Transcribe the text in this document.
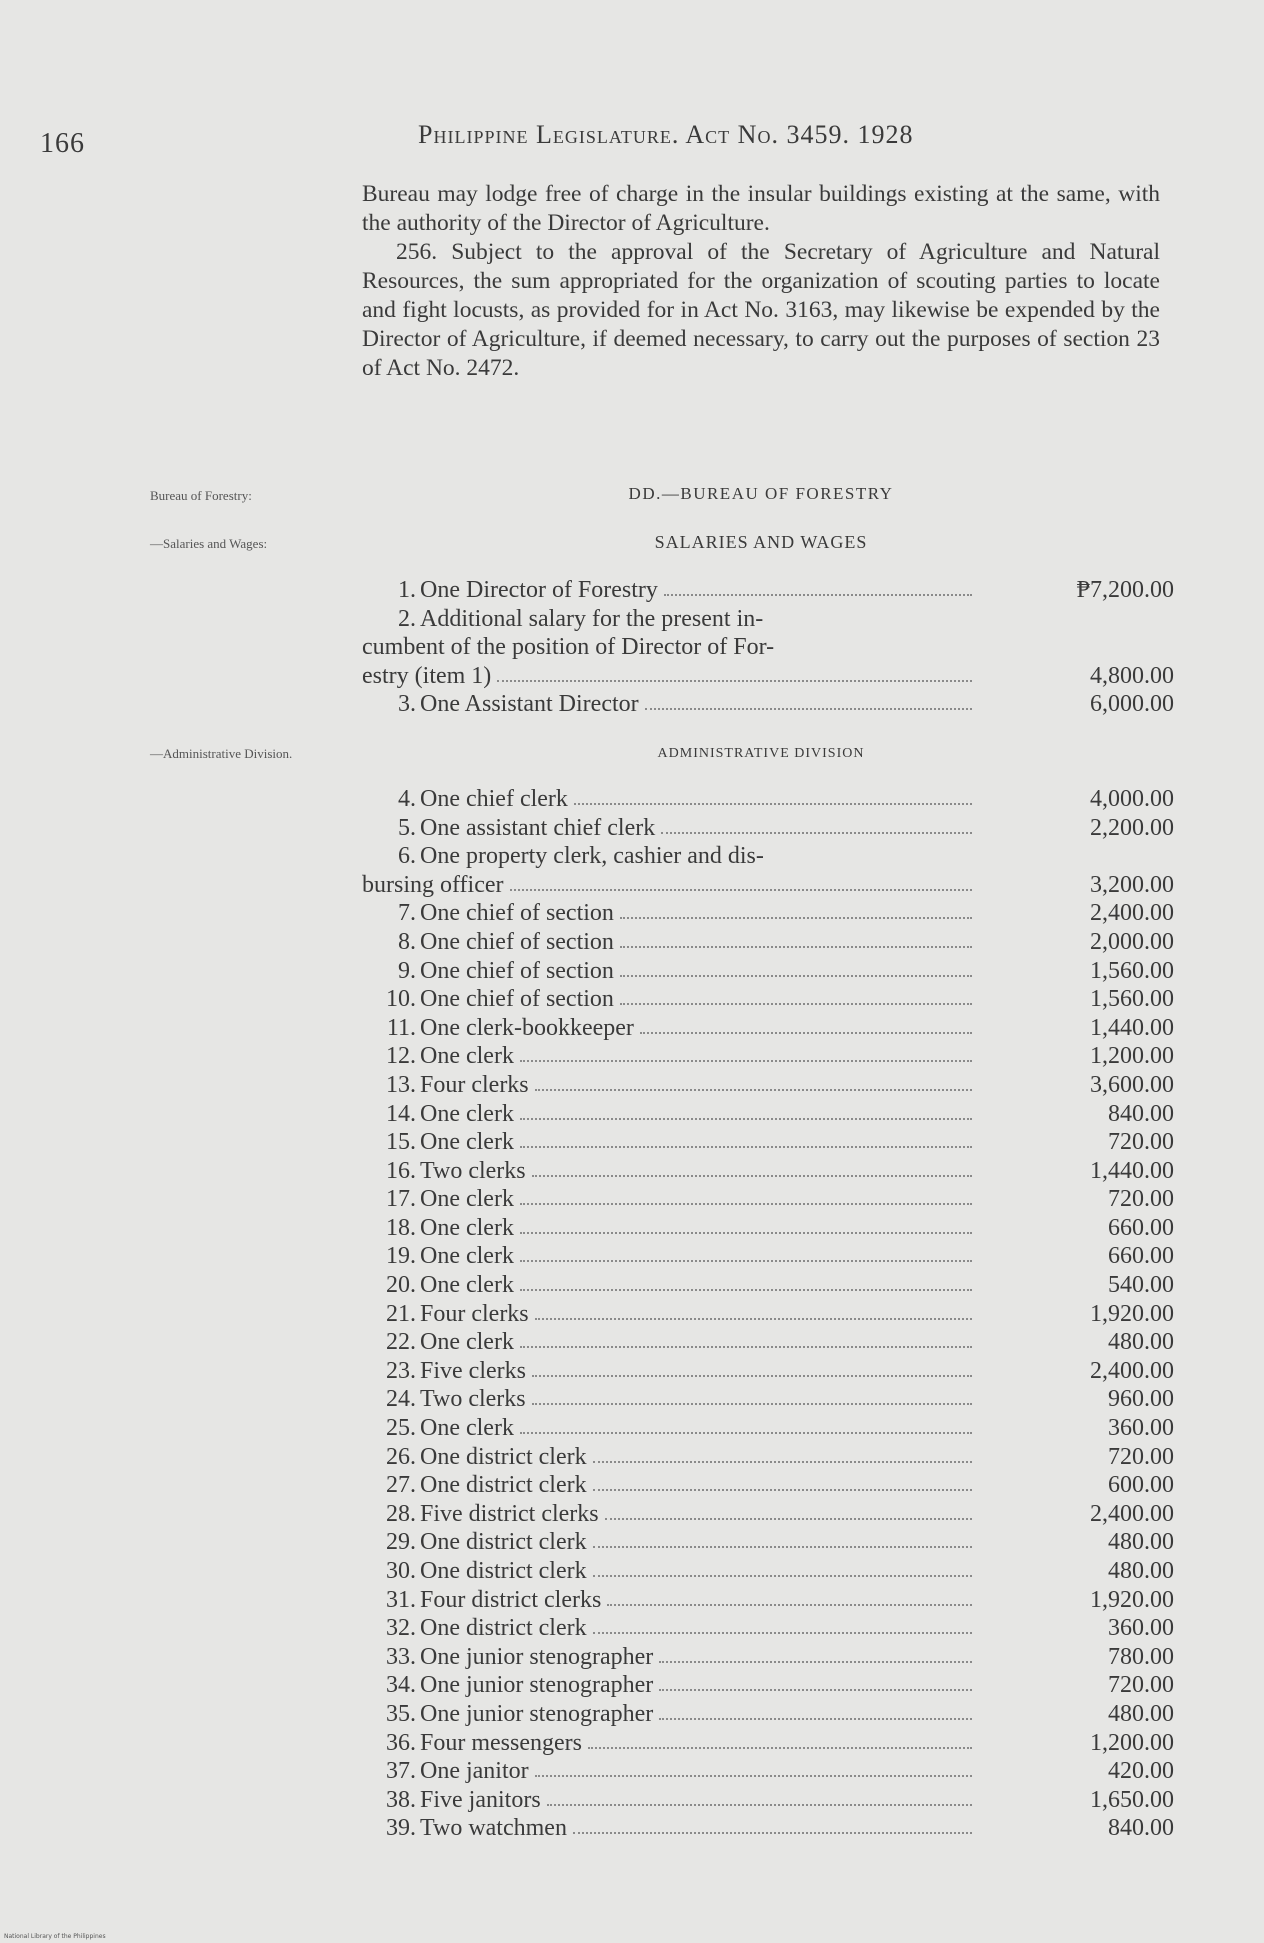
166	Philippine Legislature. Act No. 3459. 1928

Bureau may lodge free of charge in the insular buildings existing at the same, with the authority of the Director of Agriculture.

256. Subject to the approval of the Secretary of Agriculture and Natural Resources, the sum appropriated for the organization of scouting parties to locate and fight locusts, as provided for in Act No. 3163, may likewise be expended by the Director of Agriculture, if deemed necessary, to carry out the purposes of section 23 of Act No. 2472.

Bureau of Forestry:
—Salaries and Wages:
—Administrative Division.
DD.—BUREAU OF FORESTRY
SALARIES AND WAGES
ADMINISTRATIVE DIVISION
1. One Director of Forestry	₱7,200.00
2. Additional salary for the present in-
cumbent of the position of Director of For-
estry (item 1)	4,800.00
3. One Assistant Director	6,000.00
4. One chief clerk	4,000.00
5. One assistant chief clerk	2,200.00
6. One property clerk, cashier and dis-
bursing officer	3,200.00
7. One chief of section	2,400.00
8. One chief of section	2,000.00
9. One chief of section	1,560.00
10. One chief of section	1,560.00
11. One clerk-bookkeeper	1,440.00
12. One clerk	1,200.00
13. Four clerks	3,600.00
14. One clerk	840.00
15. One clerk	720.00
16. Two clerks	1,440.00
17. One clerk	720.00
18. One clerk	660.00
19. One clerk	660.00
20. One clerk	540.00
21. Four clerks	1,920.00
22. One clerk	480.00
23. Five clerks	2,400.00
24. Two clerks	960.00
25. One clerk	360.00
26. One district clerk	720.00
27. One district clerk	600.00
28. Five district clerks	2,400.00
29. One district clerk	480.00
30. One district clerk	480.00
31. Four district clerks	1,920.00
32. One district clerk	360.00
33. One junior stenographer	780.00
34. One junior stenographer	720.00
35. One junior stenographer	480.00
36. Four messengers	1,200.00
37. One janitor	420.00
38. Five janitors	1,650.00
39. Two watchmen	840.00
National Library of the Philippines
